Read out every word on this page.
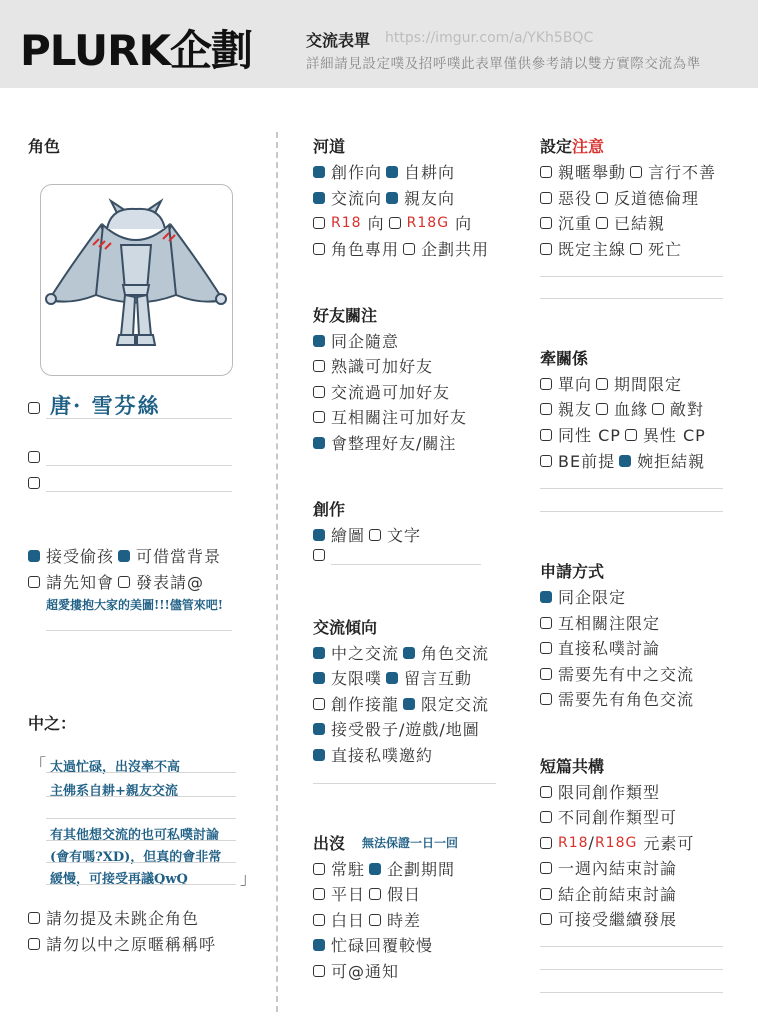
PLURK企劃	交流表單 https://imgur.com/a/YKh5BQC
詳細請見設定噗及招呼噗此表單僅供參考請以雙方實際交流為準
角色
唐· 雪芬絲
接受偷孩 可借當背景
請先知會 發表請@
超愛摟抱大家的美圖!!!儘管來吧!
中之：
「 太過忙碌，出沒率不高
主佛系自耕+親友交流
有其他想交流的也可私噗討論
(會有嗎?XD)，但真的會非常
緩慢，可接受再議QwQ	」
請勿提及未跳企角色
請勿以中之原暱稱稱呼
河道
創作向 自耕向
交流向 親友向
R18
向 R18G
向
角色專用 企劃共用
好友關注
同企隨意
熟識可加好友
交流過可加好友
互相關注可加好友
會整理好友/關注
創作
繪圖 文字
交流傾向
中之交流 角色交流
友限噗 留言互動
創作接龍 限定交流
接受骰子/遊戲/地圖
直接私噗邀約
出沒 無法保證一日一回
常駐 企劃期間
平日 假日
白日 時差
忙碌回覆較慢
可@通知
設定注意
親暱舉動 言行不善
惡役 反道德倫理
沉重 已結親
既定主線 死亡
牽關係
單向 期間限定
親友 血緣 敵對
同性 CP 異性 CP
BE前提 婉拒結親
申請方式
同企限定
互相關注限定
直接私噗討論
需要先有中之交流
需要先有角色交流
短篇共構
限同創作類型
不同創作類型可
R18 / R18G
元素可
一週內結束討論
結企前結束討論
可接受繼續發展
